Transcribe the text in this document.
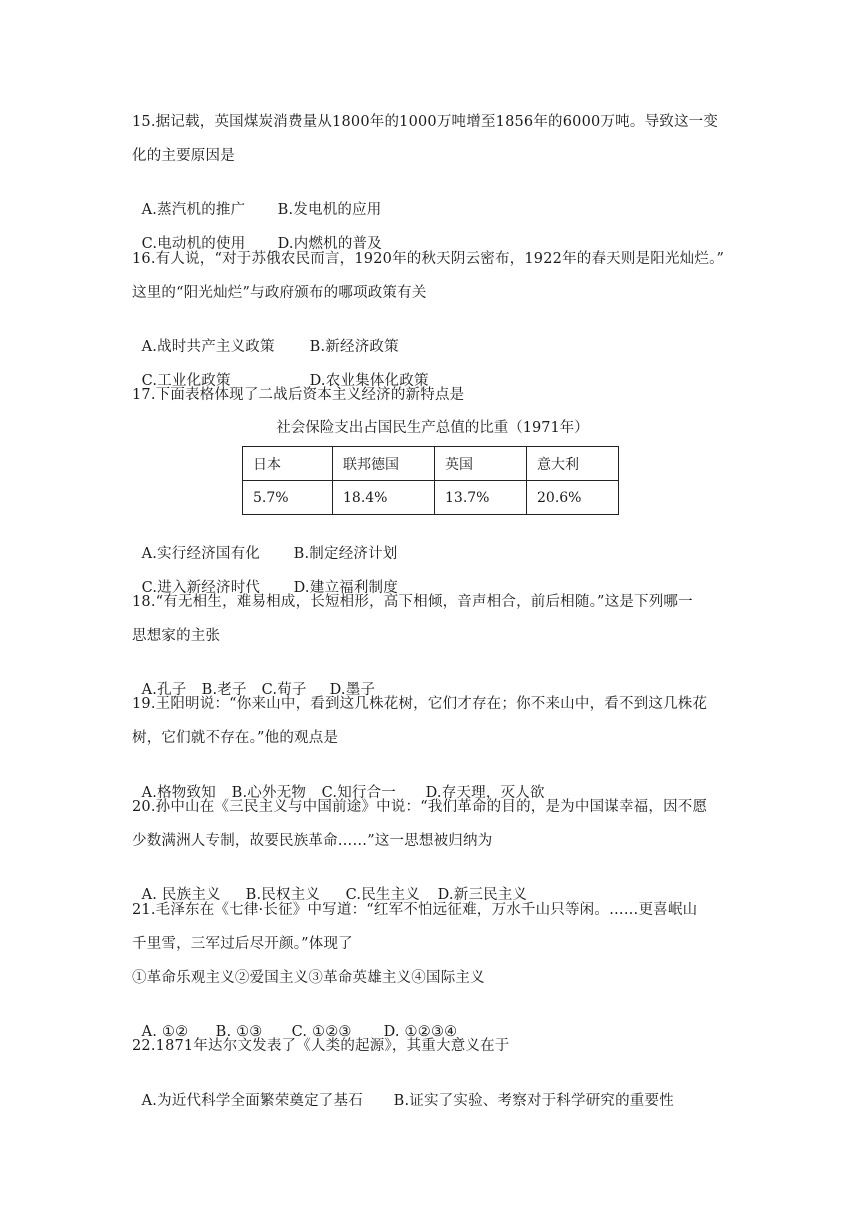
15.据记载，英国煤炭消费量从1800年的1000万吨增至1856年的6000万吨。导致这一变
化的主要原因是

A.蒸汽机的推广 B.发电机的应用

C.电动机的使用 D.内燃机的普及

16.有人说，“对于苏俄农民而言，1920年的秋天阴云密布，1922年的春天则是阳光灿烂。”
这里的“阳光灿烂”与政府颁布的哪项政策有关

A.战时共产主义政策 B.新经济政策

C.工业化政策	D.农业集体化政策

17.下面表格体现了二战后资本主义经济的新特点是
社会保险支出占国民生产总值的比重（1971年）
日本	联邦德国	英国	意大利
5.7%	18.4%	13.7%	20.6%

A.实行经济国有化 B.制定经济计划

C.进入新经济时代 D.建立福利制度

18.“有无相生，难易相成，长短相形，高下相倾，音声相合，前后相随。”这是下列哪一
思想家的主张

A.孔子 B.老子 C.荀子 D.墨子

19.王阳明说：“你来山中，看到这几株花树，它们才存在；你不来山中，看不到这几株花
树，它们就不存在。”他的观点是

A.格物致知 B.心外无物 C.知行合一 D.存天理，灭人欲

20.孙中山在《三民主义与中国前途》中说：“我们革命的目的，是为中国谋幸福，因不愿
少数满洲人专制，故要民族革命……”这一思想被归纳为

A. 民族主义 B.民权主义 C.民生主义 D.新三民主义

21.毛泽东在《七律·长征》中写道：“红军不怕远征难，万水千山只等闲。……更喜岷山
千里雪，三军过后尽开颜。”体现了
①革命乐观主义②爱国主义③革命英雄主义④国际主义

A. ①② B. ①③ C. ①②③ D. ①②③④

22.1871年达尔文发表了《人类的起源》，其重大意义在于

A.为近代科学全面繁荣奠定了基石 B.证实了实验、考察对于科学研究的重要性
